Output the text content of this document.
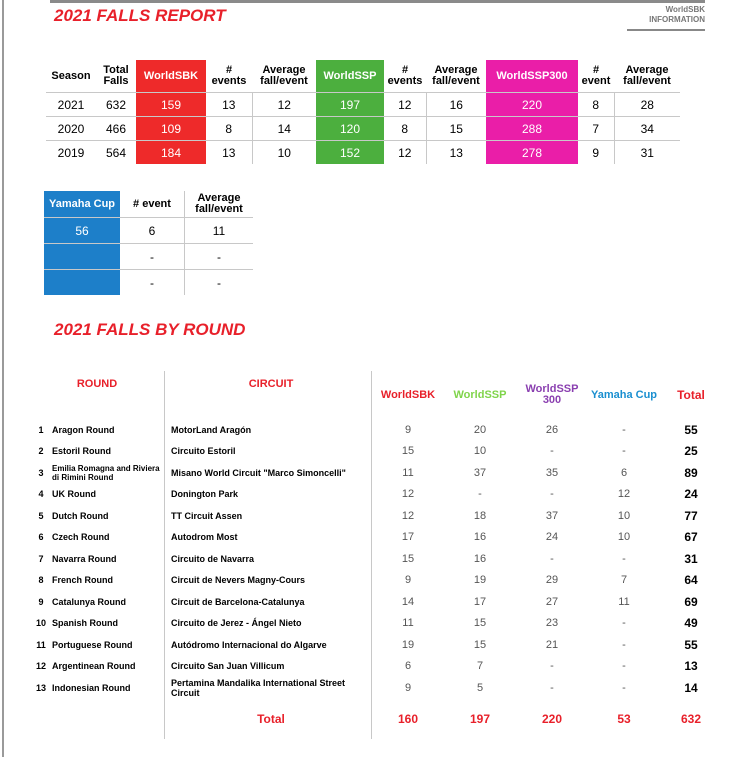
2021 FALLS REPORT	WorldSBK
INFORMATION
Season	Total Falls	WorldSBK	# events	Average fall/event	WorldSSP	# events	Average fall/event	WorldSSP300	# event	Average fall/event
2021	632	159	13	12	197	12	16	220	8	28
2020	466	109	8	14	120	8	15	288	7	34
2019	564	184	13	10	152	12	13	278	9	31
Yamaha Cup	# event	Average fall/event
56	6	11
	-	-
	-	-
2021 FALLS BY ROUND
ROUND		CIRCUIT	WorldSBK	WorldSSP	WorldSSP 300	Yamaha Cup	Total
1	Aragon Round	MotorLand Aragón	9	20	26	-	55
2	Estoril Round	Circuito Estoril	15	10	-	-	25
3	Emilia Romagna and Riviera di Rimini Round	Misano World Circuit "Marco Simoncelli"	11	37	35	6	89
4	UK Round	Donington Park	12	-	-	12	24
5	Dutch Round	TT Circuit Assen	12	18	37	10	77
6	Czech Round	Autodrom Most	17	16	24	10	67
7	Navarra Round	Circuito de Navarra	15	16	-	-	31
8	French Round	Circuit de Nevers Magny-Cours	9	19	29	7	64
9	Catalunya Round	Circuit de Barcelona-Catalunya	14	17	27	11	69
10	Spanish Round	Circuito de Jerez - Ángel Nieto	11	15	23	-	49
11	Portuguese Round	Autódromo Internacional do Algarve	19	15	21	-	55
12	Argentinean Round	Circuito San Juan Villicum	6	7	-	-	13
13	Indonesian Round	Pertamina Mandalika International Street Circuit	9	5	-	-	14
		Total	160	197	220	53	632
